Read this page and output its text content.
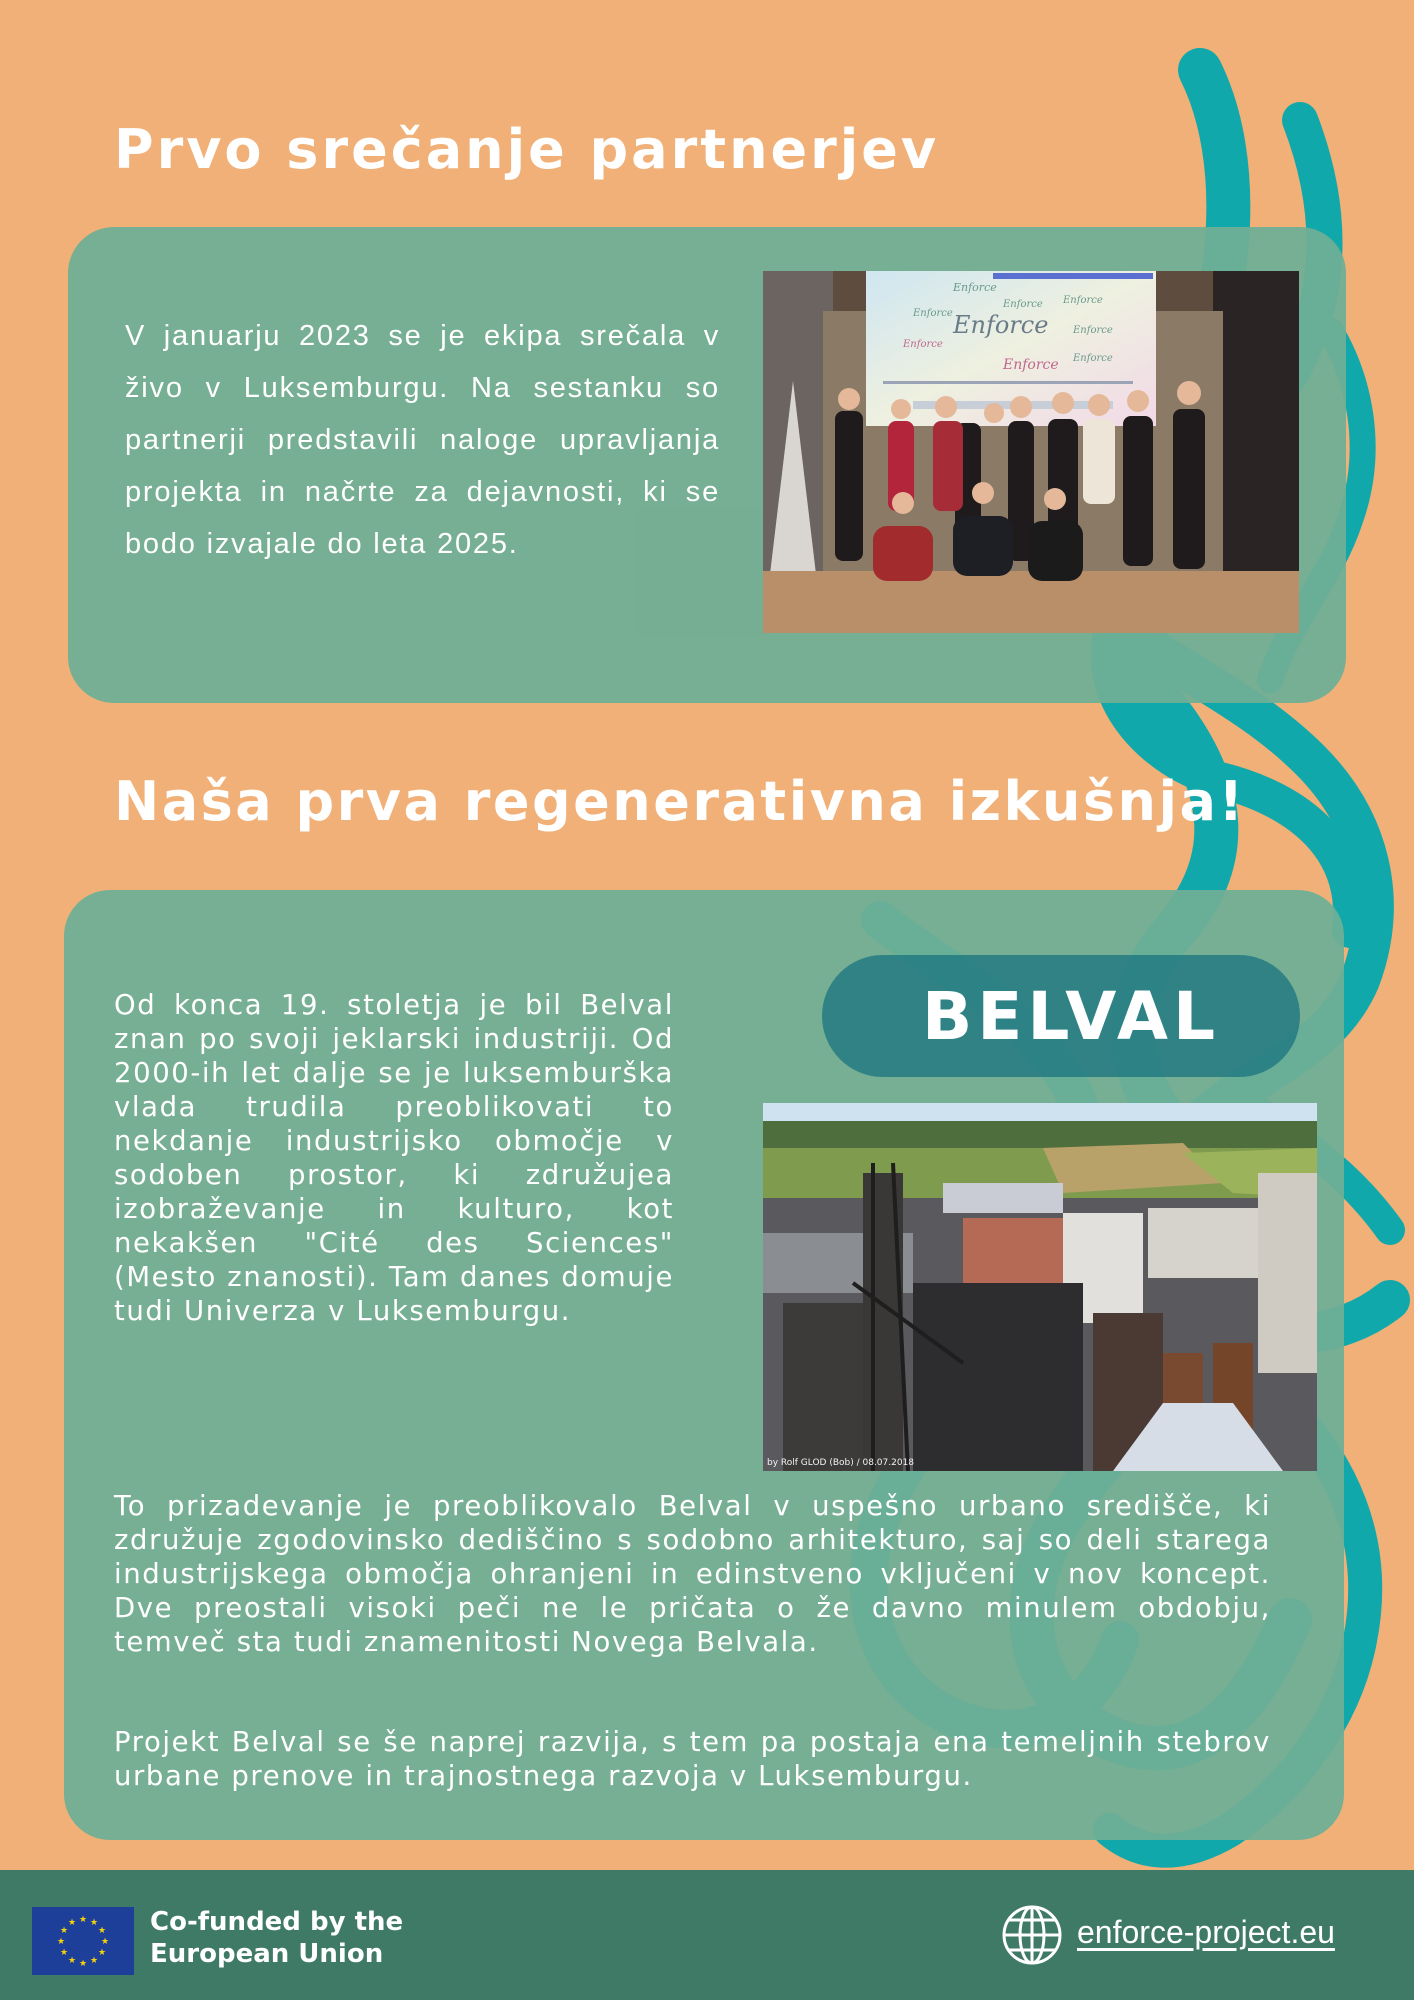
Prvo srečanje partnerjev

V januarju 2023 se je ekipa srečala v živo v Luksemburgu. Na sestanku so partnerji predstavili naloge upravljanja projekta in načrte za dejavnosti, ki se bodo izvajale do leta 2025.

Enforce
Enforce
Enforce Enforce
Enforce
Enforce
Enforce
Enforce Enforce
Naša prva regenerativna izkušnja!
BELVAL

Od konca 19. stoletja je bil Belval znan po svoji jeklarski industriji. Od 2000-ih let dalje se je luksemburška vlada trudila preoblikovati to nekdanje industrijsko območje v sodoben prostor, ki združujea izobraževanje in kulturo, kot nekakšen "Cité des Sciences" (Mesto znanosti). Tam danes domuje tudi Univerza v Luksemburgu.

by Rolf GLOD (Bob) / 08.07.2018

To prizadevanje je preoblikovalo Belval v uspešno urbano središče, ki združuje zgodovinsko dediščino s sodobno arhitekturo, saj so deli starega industrijskega območja ohranjeni in edinstveno vključeni v nov koncept. Dve preostali visoki peči ne le pričata o že davno minulem obdobju, temveč sta tudi znamenitosti Novega Belvala.

Projekt Belval se še naprej razvija, s tem pa postaja ena temeljnih stebrov urbane prenove in trajnostnega razvoja v Luksemburgu.

★ ★
★
★
★
★
★
★
★
★
★
★	Co-funded by the
European Union
enforce-project.eu
